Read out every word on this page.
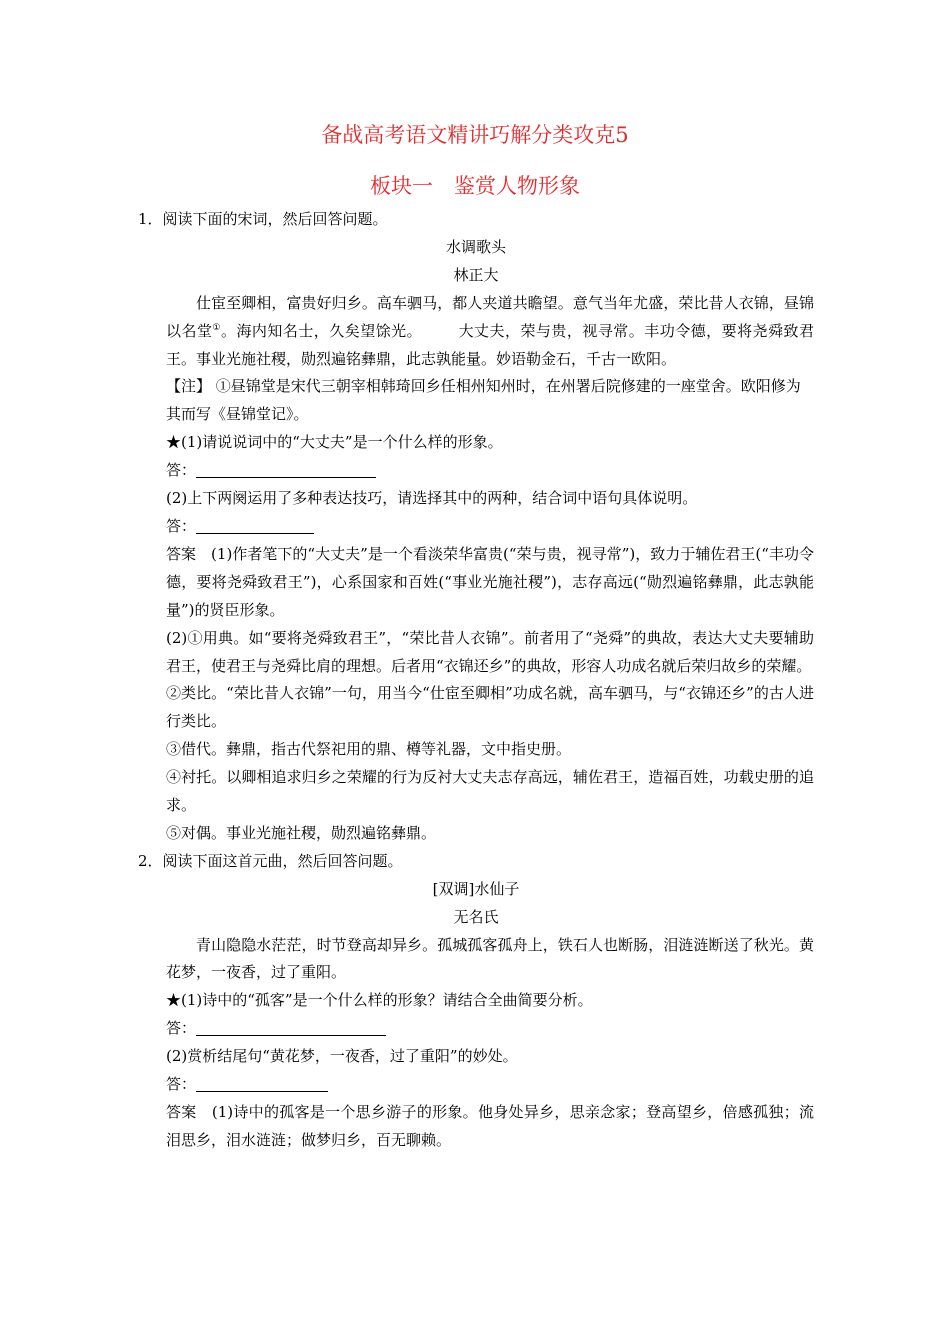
备战高考语文精讲巧解分类攻克5
板块一　鉴赏人物形象

1．阅读下面的宋词，然后回答问题。

水调歌头

林正大

仕宦至卿相，富贵好归乡。高车驷马，都人夹道共瞻望。意气当年尤盛，荣比昔人衣锦，昼锦以名堂①。海内知名士，久矣望馀光。 大丈夫，荣与贵，视寻常。丰功令德，要将尧舜致君王。事业光施社稷，勋烈遍铭彝鼎，此志孰能量。妙语勒金石，千古一欧阳。

【注】 ①昼锦堂是宋代三朝宰相韩琦回乡任相州知州时，在州署后院修建的一座堂舍。欧阳修为其而写《昼锦堂记》。

★(1)请说说词中的“大丈夫”是一个什么样的形象。

答：

(2)上下两阕运用了多种表达技巧，请选择其中的两种，结合词中语句具体说明。

答：

答案　(1)作者笔下的“大丈夫”是一个看淡荣华富贵(“荣与贵，视寻常”)，致力于辅佐君王(“丰功令德，要将尧舜致君王”)，心系国家和百姓(“事业光施社稷”)，志存高远(“勋烈遍铭彝鼎，此志孰能量”)的贤臣形象。

(2)①用典。如“要将尧舜致君王”，“荣比昔人衣锦”。前者用了“尧舜”的典故，表达大丈夫要辅助君王，使君王与尧舜比肩的理想。后者用“衣锦还乡”的典故，形容人功成名就后荣归故乡的荣耀。

②类比。“荣比昔人衣锦”一句，用当今“仕宦至卿相”功成名就，高车驷马，与“衣锦还乡”的古人进行类比。

③借代。彝鼎，指古代祭祀用的鼎、樽等礼器，文中指史册。

④衬托。以卿相追求归乡之荣耀的行为反衬大丈夫志存高远，辅佐君王，造福百姓，功载史册的追求。

⑤对偶。事业光施社稷，勋烈遍铭彝鼎。

2．阅读下面这首元曲，然后回答问题。

[双调]水仙子

无名氏

青山隐隐水茫茫，时节登高却异乡。孤城孤客孤舟上，铁石人也断肠，泪涟涟断送了秋光。黄花梦，一夜香，过了重阳。

★(1)诗中的“孤客”是一个什么样的形象？请结合全曲简要分析。

答：

(2)赏析结尾句“黄花梦，一夜香，过了重阳”的妙处。

答：

答案　(1)诗中的孤客是一个思乡游子的形象。他身处异乡，思亲念家；登高望乡，倍感孤独；流泪思乡，泪水涟涟；做梦归乡，百无聊赖。
